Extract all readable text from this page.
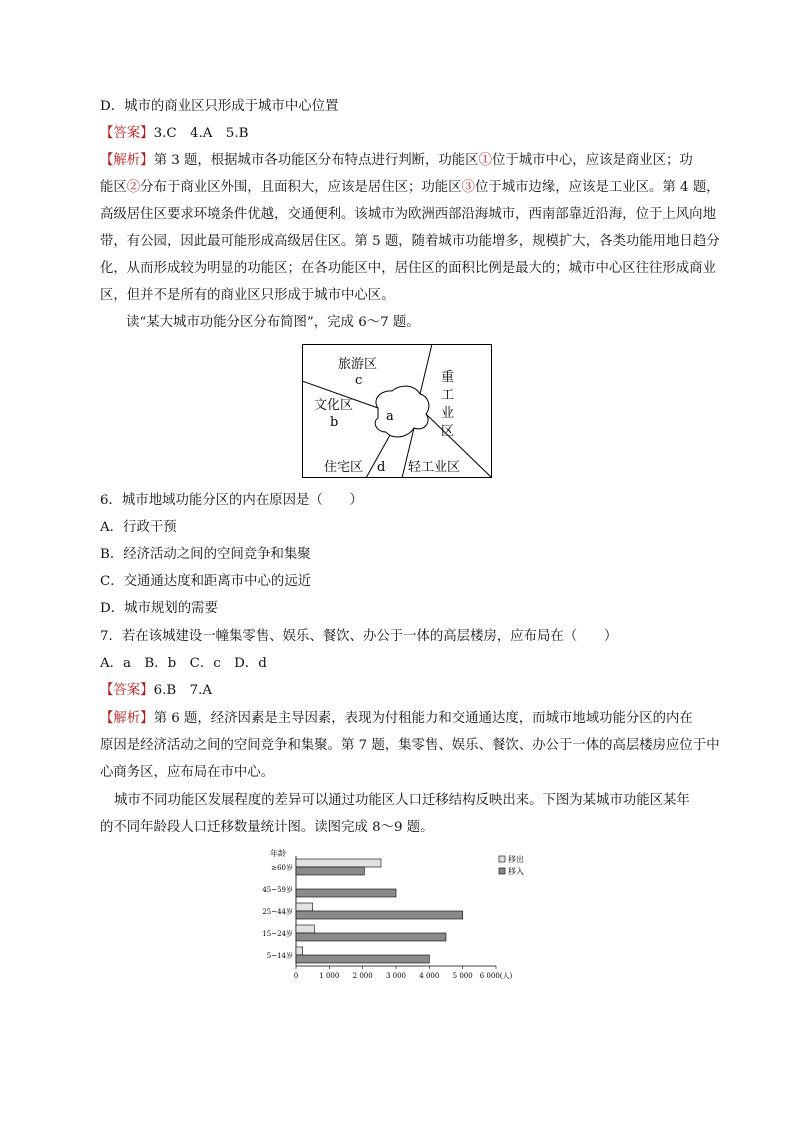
D．城市的商业区只形成于城市中心位置
【答案】3.C　4.A　5.B
【解析】第 3 题，根据城市各功能区分布特点进行判断，功能区①位于城市中心，应该是商业区；功
能区②分布于商业区外围，且面积大，应该是居住区；功能区③位于城市边缘，应该是工业区。第 4 题，
高级居住区要求环境条件优越，交通便利。该城市为欧洲西部沿海城市，西南部靠近沿海，位于上风向地
带，有公园，因此最可能形成高级居住区。第 5 题，随着城市功能增多，规模扩大，各类功能用地日趋分
化，从而形成较为明显的功能区；在各功能区中，居住区的面积比例是最大的；城市中心区往往形成商业
区，但并不是所有的商业区只形成于城市中心区。
读“某大城市功能分区分布简图”，完成 6～7 题。
旅游区
c
文化区
b	a
重
工
业
区
住宅区 d 轻工业区
6．城市地域功能分区的内在原因是（　　）
A．行政干预
B．经济活动之间的空间竞争和集聚
C．交通通达度和距离市中心的远近
D．城市规划的需要
7．若在该城建设一幢集零售、娱乐、餐饮、办公于一体的高层楼房，应布局在（　　）
A．a　B．b　C．c　D．d
【答案】6.B　7.A
【解析】第 6 题，经济因素是主导因素，表现为付租能力和交通通达度，而城市地域功能分区的内在
原因是经济活动之间的空间竞争和集聚。第 7 题，集零售、娱乐、餐饮、办公于一体的高层楼房应位于中
心商务区，应布局在市中心。
城市不同功能区发展程度的差异可以通过功能区人口迁移结构反映出来。下图为某城市功能区某年
的不同年龄段人口迁移数量统计图。读图完成 8～9 题。
年龄
≥60岁
45~59岁
25~44岁
15~24岁
5~14岁
0	1 000 2 000 3 000 4 000 5 000 6 000(人)
移出
移入
